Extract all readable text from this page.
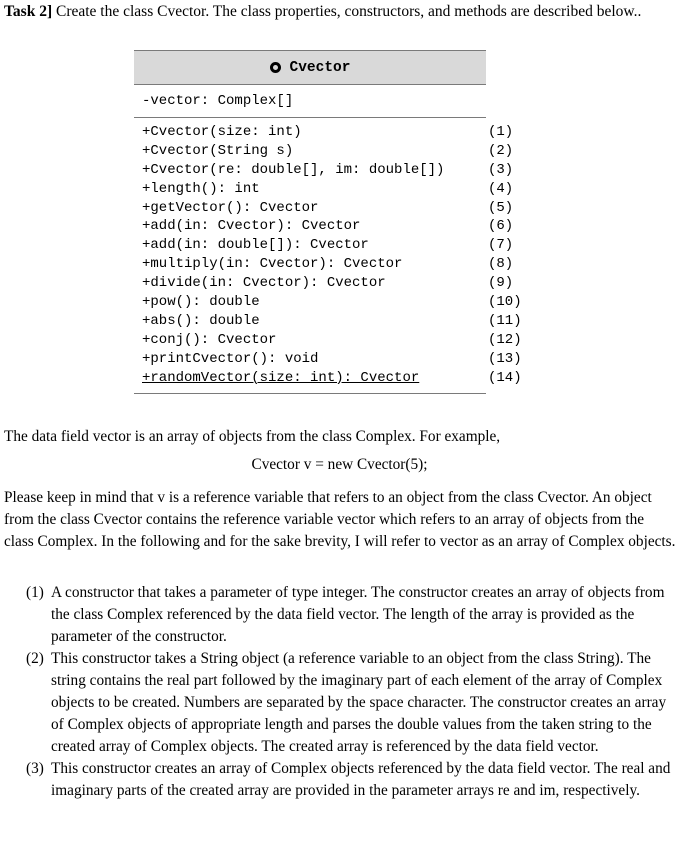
Task 2] Create the class Cvector. The class properties, constructors, and methods are described below..
Cvector
-vector: Complex[]
+Cvector(size: int)	(1)
+Cvector(String s)	(2)
+Cvector(re: double[], im: double[])	(3)
+length(): int	(4)
+getVector(): Cvector	(5)
+add(in: Cvector): Cvector	(6)
+add(in: double[]): Cvector	(7)
+multiply(in: Cvector): Cvector	(8)
+divide(in: Cvector): Cvector	(9)
+pow(): double	(10)
+abs(): double	(11)
+conj(): Cvector	(12)
+printCvector(): void	(13)
+randomVector(size: int): Cvector	(14)
The data field vector is an array of objects from the class Complex. For example,
Cvector v = new Cvector(5);
Please keep in mind that v is a reference variable that refers to an object from the class Cvector. An object from the class Cvector contains the reference variable vector which refers to an array of objects from the class Complex. In the following and for the sake brevity, I will refer to vector as an array of Complex objects.
(1) A constructor that takes a parameter of type integer. The constructor creates an array of objects from the class Complex referenced by the data field vector. The length of the array is provided as the parameter of the constructor.
(2) This constructor takes a String object (a reference variable to an object from the class String). The string contains the real part followed by the imaginary part of each element of the array of Complex objects to be created. Numbers are separated by the space character. The constructor creates an array of Complex objects of appropriate length and parses the double values from the taken string to the created array of Complex objects. The created array is referenced by the data field vector.
(3) This constructor creates an array of Complex objects referenced by the data field vector. The real and imaginary parts of the created array are provided in the parameter arrays re and im, respectively.
